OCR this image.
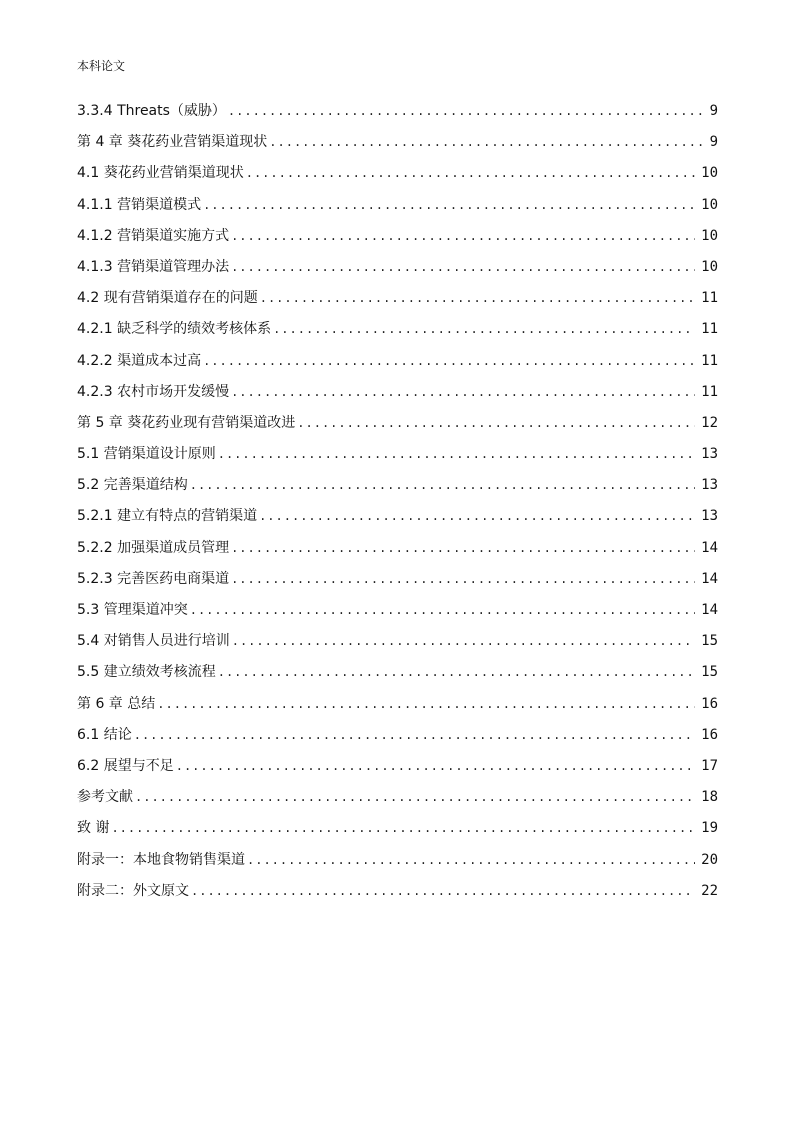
本科论文
3.3.4 Threats（威胁） .....	9
第 4 章 葵花药业营销渠道现状 .....	9
4.1 葵花药业营销渠道现状 .....	10
4.1.1 营销渠道模式 .....	10
4.1.2 营销渠道实施方式 .....	10
4.1.3 营销渠道管理办法 .....	10
4.2 现有营销渠道存在的问题 .....	11
4.2.1 缺乏科学的绩效考核体系 .....	11
4.2.2 渠道成本过高 .....	11
4.2.3 农村市场开发缓慢 .....	11
第 5 章 葵花药业现有营销渠道改进 .....	12
5.1 营销渠道设计原则 .....	13
5.2 完善渠道结构 .....	13
5.2.1 建立有特点的营销渠道 .....	13
5.2.2 加强渠道成员管理 .....	14
5.2.3 完善医药电商渠道 .....	14
5.3 管理渠道冲突 .....	14
5.4 对销售人员进行培训 .....	15
5.5 建立绩效考核流程 .....	15
第 6 章 总结 .....	16
6.1 结论 .....	16
6.2 展望与不足 .....	17
参考文献 .....	18
致 谢 .....	19
附录一：本地食物销售渠道 .....	20
附录二：外文原文 .....	22
